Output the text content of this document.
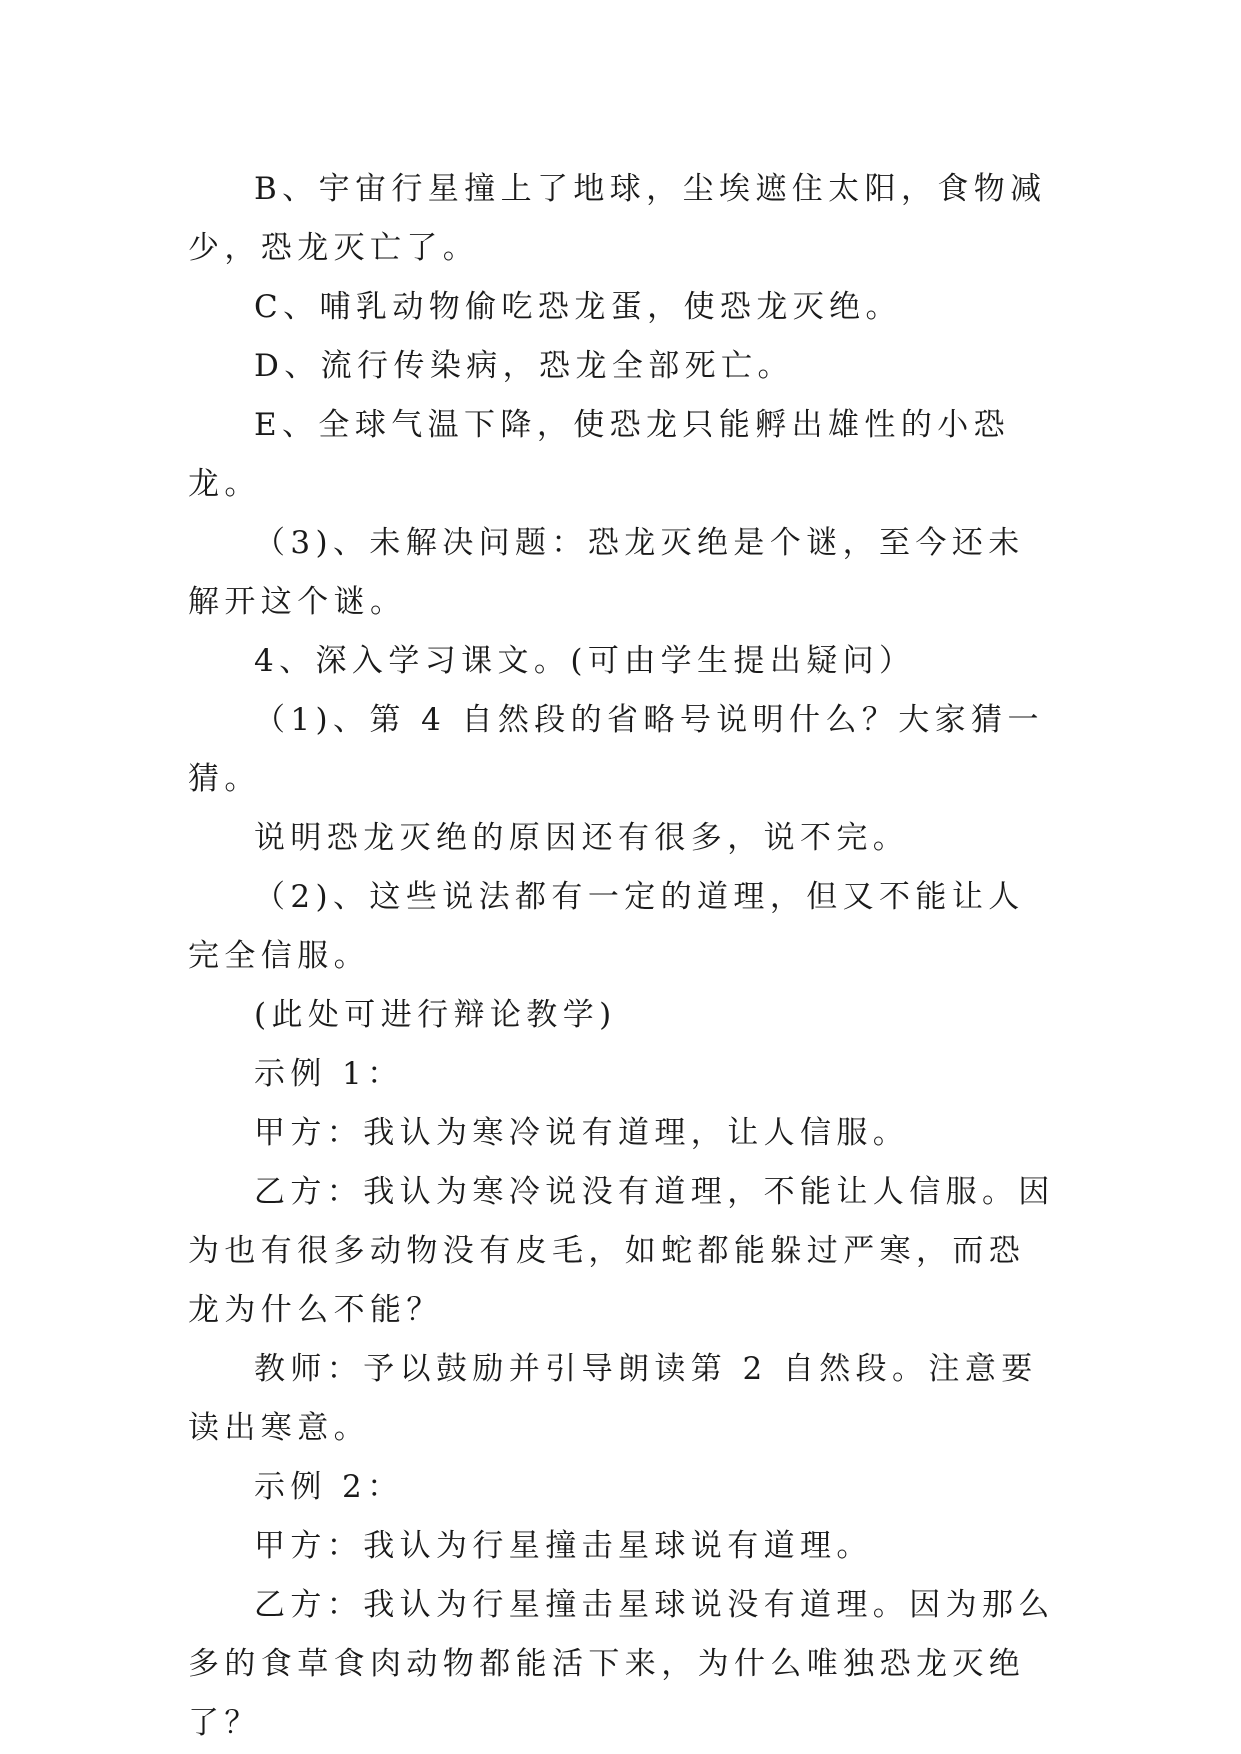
B、宇宙行星撞上了地球，尘埃遮住太阳，食物减少，恐龙灭亡了。

C、哺乳动物偷吃恐龙蛋，使恐龙灭绝。

D、流行传染病，恐龙全部死亡。

E、全球气温下降，使恐龙只能孵出雄性的小恐龙。

（3)、未解决问题：恐龙灭绝是个谜，至今还未解开这个谜。

4、深入学习课文。(可由学生提出疑问）

（1)、第 4 自然段的省略号说明什么？大家猜一猜。

说明恐龙灭绝的原因还有很多，说不完。

（2)、这些说法都有一定的道理，但又不能让人完全信服。

(此处可进行辩论教学)

示例 1：

甲方：我认为寒冷说有道理，让人信服。

乙方：我认为寒冷说没有道理，不能让人信服。因为也有很多动物没有皮毛，如蛇都能躲过严寒，而恐龙为什么不能？

教师：予以鼓励并引导朗读第 2 自然段。注意要读出寒意。

示例 2：

甲方：我认为行星撞击星球说有道理。

乙方：我认为行星撞击星球说没有道理。因为那么多的食草食肉动物都能活下来，为什么唯独恐龙灭绝了？
